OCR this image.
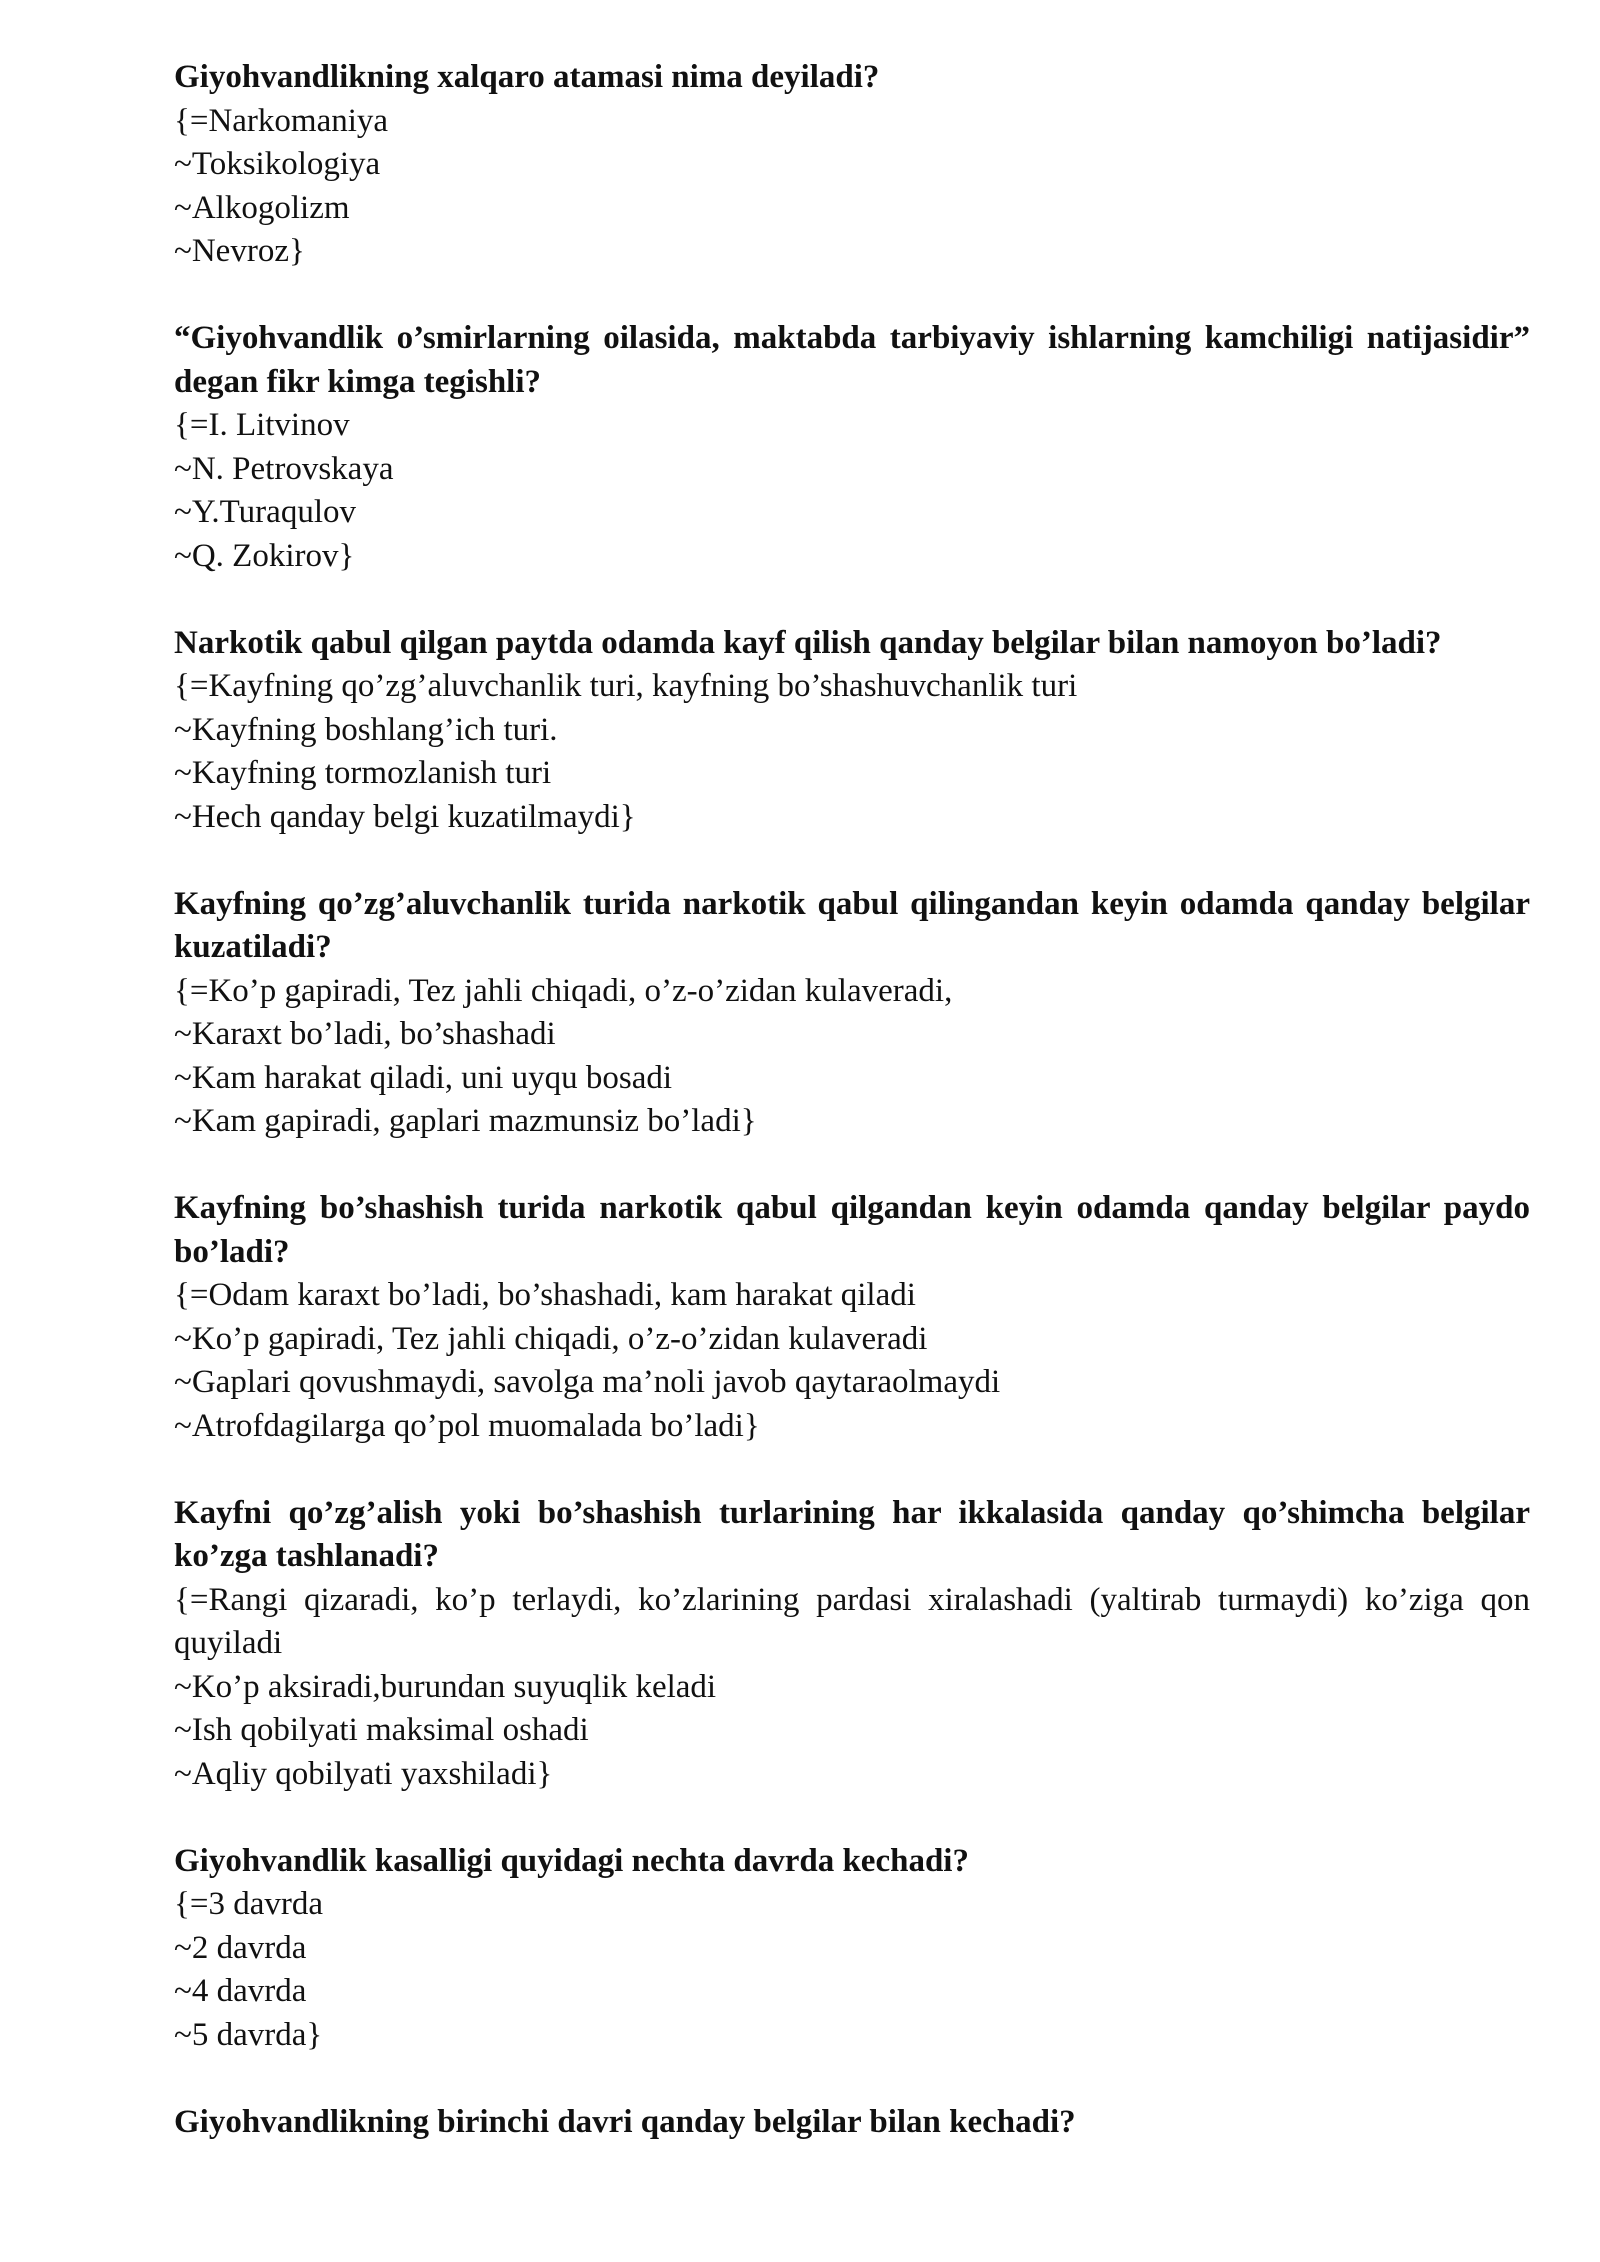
Giyohvandlikning xalqaro atamasi nima deyiladi?

{=Narkomaniya

~Toksikologiya

~Alkogolizm

~Nevroz}

“Giyohvandlik o’smirlarning oilasida, maktabda tarbiyaviy ishlarning kamchiligi natijasidir” degan fikr kimga tegishli?

{=I. Litvinov

~N. Petrovskaya

~Y.Turaqulov

~Q. Zokirov}

Narkotik qabul qilgan paytda odamda kayf qilish qanday belgilar bilan namoyon bo’ladi?

{=Kayfning qo’zg’aluvchanlik turi, kayfning bo’shashuvchanlik turi

~Kayfning boshlang’ich turi.

~Kayfning tormozlanish turi

~Hech qanday belgi kuzatilmaydi}

Kayfning qo’zg’aluvchanlik turida narkotik qabul qilingandan keyin odamda qanday belgilar kuzatiladi?

{=Ko’p gapiradi, Tez jahli chiqadi, o’z-o’zidan kulaveradi,

~Karaxt bo’ladi, bo’shashadi

~Kam harakat qiladi, uni uyqu bosadi

~Kam gapiradi, gaplari mazmunsiz bo’ladi}

Kayfning bo’shashish turida narkotik qabul qilgandan keyin odamda qanday belgilar paydo bo’ladi?

{=Odam karaxt bo’ladi, bo’shashadi, kam harakat qiladi

~Ko’p gapiradi, Tez jahli chiqadi, o’z-o’zidan kulaveradi

~Gaplari qovushmaydi, savolga ma’noli javob qaytaraolmaydi

~Atrofdagilarga qo’pol muomalada bo’ladi}

Kayfni qo’zg’alish yoki bo’shashish turlarining har ikkalasida qanday qo’shimcha belgilar ko’zga tashlanadi?

{=Rangi qizaradi, ko’p terlaydi, ko’zlarining pardasi xiralashadi (yaltirab turmaydi) ko’ziga qon quyiladi

~Ko’p aksiradi,burundan suyuqlik keladi

~Ish qobilyati maksimal oshadi

~Aqliy qobilyati yaxshiladi}

Giyohvandlik kasalligi quyidagi nechta davrda kechadi?

{=3 davrda

~2 davrda

~4 davrda

~5 davrda}

Giyohvandlikning birinchi davri qanday belgilar bilan kechadi?
